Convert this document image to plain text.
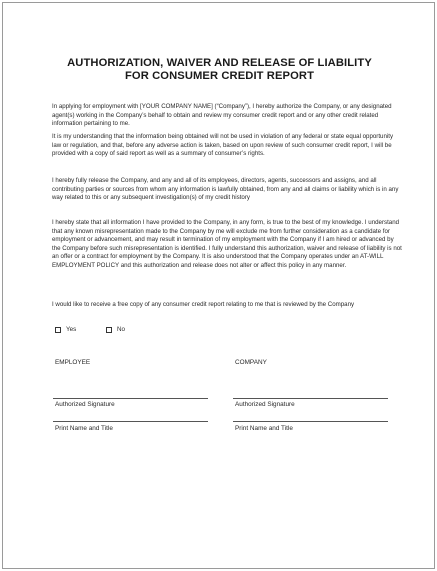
AUTHORIZATION, WAIVER AND RELEASE OF LIABILITY
FOR CONSUMER CREDIT REPORT
In applying for employment with [YOUR COMPANY NAME] (“Company”), I hereby authorize the Company, or any designated agent(s) working in the Company’s behalf to obtain and review my consumer credit report and or any other credit related information pertaining to me.
It is my understanding that the information being obtained will not be used in violation of any federal or state equal opportunity law or regulation, and that, before any adverse action is taken, based on upon review of such consumer credit report, I will be provided with a copy of said report as well as a summary of consumer’s rights.
I hereby fully release the Company, and any and all of its employees, directors, agents, successors and assigns, and all contributing parties or sources from whom any information is lawfully obtained, from any and all claims or liability which is in any way related to this or any subsequent investigation(s) of my credit history
I hereby state that all information I have provided to the Company, in any form, is true to the best of my knowledge. I understand that any known misrepresentation made to the Company by me will exclude me from further consideration as a candidate for employment or advancement, and may result in termination of my employment with the Company if I am hired or advanced by the Company before such misrepresentation is identified. I fully understand this authorization, waiver and release of liability is not an offer or a contract for employment by the Company. It is also understood that the Company operates under an AT-WILL EMPLOYMENT POLICY and this authorization and release does not alter or affect this policy in any manner.
I would like to receive a free copy of any consumer credit report relating to me that is reviewed by the Company
Yes	No
EMPLOYEE	COMPANY
Authorized Signature	Authorized Signature
Print Name and Title	Print Name and Title
